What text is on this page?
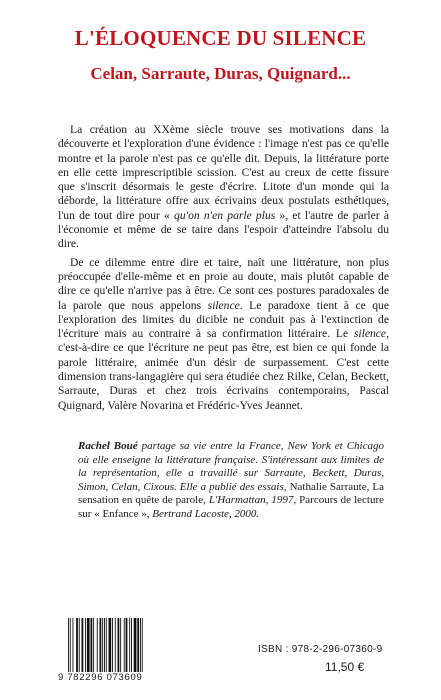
L'ÉLOQUENCE DU SILENCE
Celan, Sarraute, Duras, Quignard...

La création au XXème siècle trouve ses motivations dans la découverte et l'exploration d'une évidence : l'image n'est pas ce qu'elle montre et la parole n'est pas ce qu'elle dit. Depuis, la littérature porte en elle cette imprescriptible scission. C'est au creux de cette fissure que s'inscrit désormais le geste d'écrire. Litote d'un monde qui la déborde, la littérature offre aux écrivains deux postulats esthétiques, l'un de tout dire pour « qu'on n'en parle plus », et l'autre de parler à l'économie et même de se taire dans l'espoir d'atteindre l'absolu du dire.

De ce dilemme entre dire et taire, naît une littérature, non plus préoccupée d'elle-même et en proie au doute, mais plutôt capable de dire ce qu'elle n'arrive pas à être. Ce sont ces postures paradoxales de la parole que nous appelons silence. Le paradoxe tient à ce que l'exploration des limites du dicible ne conduit pas à l'extinction de l'écriture mais au contraire à sa confirmation littéraire. Le silence, c'est-à-dire ce que l'écriture ne peut pas être, est bien ce qui fonde la parole littéraire, animée d'un désir de surpassement. C'est cette dimension trans-langagière qui sera étudiée chez Rilke, Celan, Beckett, Sarraute, Duras et chez trois écrivains contemporains, Pascal Quignard, Valère Novarina et Frédéric-Yves Jeannet.

Rachel Boué partage sa vie entre la France, New York et Chicago où elle enseigne la littérature française. S'intéressant aux limites de la représentation, elle a travaillé sur Sarraute, Beckett, Duras, Simon, Celan, Cixous. Elle a publié des essais, Nathalie Sarraute, La sensation en quête de parole, L'Harmattan, 1997, Parcours de lecture sur « Enfance », Bertrand Lacoste, 2000.
9 782296 073609
ISBN : 978-2-296-07360-9
11,50 €
